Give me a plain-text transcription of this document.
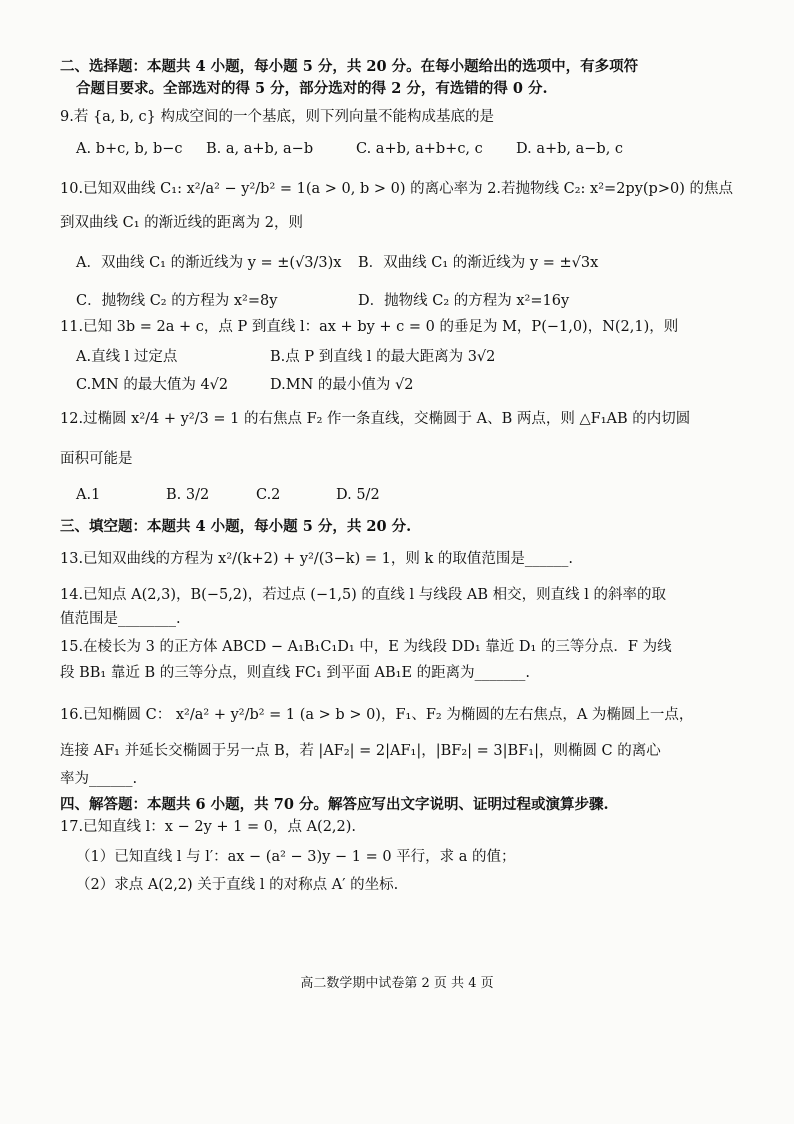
二、选择题：本题共 4 小题，每小题 5 分，共 20 分。在每小题给出的选项中，有多项符
合题目要求。全部选对的得 5 分，部分选对的得 2 分，有选错的得 0 分.
9.若 {a, b, c} 构成空间的一个基底，则下列向量不能构成基底的是
A. b+c, b, b−c	B. a, a+b, a−b	C. a+b, a+b+c, c	D. a+b, a−b, c
10.已知双曲线 C₁: x²/a² − y²/b² = 1(a > 0, b > 0) 的离心率为 2.若抛物线 C₂: x²=2py(p>0) 的焦点
到双曲线 C₁ 的渐近线的距离为 2，则
A．双曲线 C₁ 的渐近线为 y = ±(√3/3)x	B．双曲线 C₁ 的渐近线为 y = ±√3x
C．抛物线 C₂ 的方程为 x²=8y	D．抛物线 C₂ 的方程为 x²=16y
11.已知 3b = 2a + c，点 P 到直线 l：ax + by + c = 0 的垂足为 M，P(−1,0)，N(2,1)，则
A.直线 l 过定点	B.点 P 到直线 l 的最大距离为 3√2
C.MN 的最大值为 4√2	D.MN 的最小值为 √2
12.过椭圆 x²/4 + y²/3 = 1 的右焦点 F₂ 作一条直线，交椭圆于 A、B 两点，则 △F₁AB 的内切圆
面积可能是
A.1	B. 3/2	C.2	D. 5/2
三、填空题：本题共 4 小题，每小题 5 分，共 20 分.
13.已知双曲线的方程为 x²/(k+2) + y²/(3−k) = 1，则 k 的取值范围是______.
14.已知点 A(2,3)，B(−5,2)，若过点 (−1,5) 的直线 l 与线段 AB 相交，则直线 l 的斜率的取
值范围是________.
15.在棱长为 3 的正方体 ABCD − A₁B₁C₁D₁ 中，E 为线段 DD₁ 靠近 D₁ 的三等分点．F 为线
段 BB₁ 靠近 B 的三等分点，则直线 FC₁ 到平面 AB₁E 的距离为_______.
16.已知椭圆 C： x²/a² + y²/b² = 1 (a > b > 0)，F₁、F₂ 为椭圆的左右焦点，A 为椭圆上一点，
连接 AF₁ 并延长交椭圆于另一点 B，若 |AF₂| = 2|AF₁|，|BF₂| = 3|BF₁|，则椭圆 C 的离心
率为______.
四、解答题：本题共 6 小题，共 70 分。解答应写出文字说明、证明过程或演算步骤.
17.已知直线 l：x − 2y + 1 = 0，点 A(2,2).
（1）已知直线 l 与 l′：ax − (a² − 3)y − 1 = 0 平行，求 a 的值；
（2）求点 A(2,2) 关于直线 l 的对称点 A′ 的坐标.
高二数学期中试卷第 2 页 共 4 页
